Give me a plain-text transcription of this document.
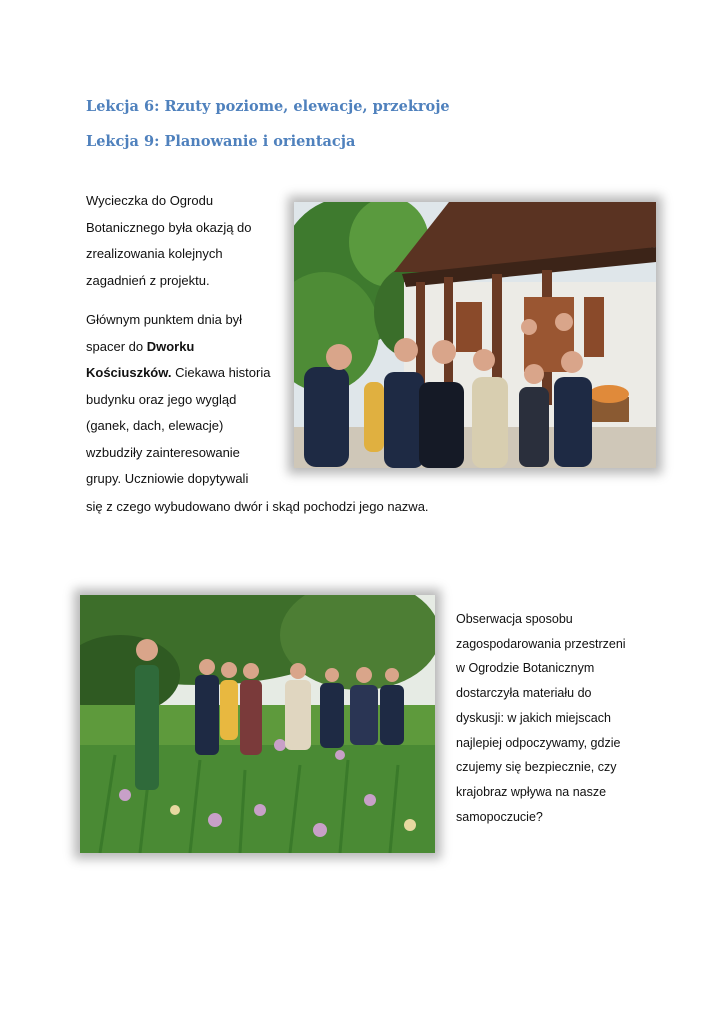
Lekcja 6: Rzuty poziome, elewacje, przekroje
Lekcja 9: Planowanie i orientacja
Wycieczka do Ogrodu
Botanicznego była okazją do
zrealizowania kolejnych
zagadnień z projektu.
Głównym punktem dnia był
spacer do Dworku
Kościuszków. Ciekawa historia
budynku oraz jego wygląd
(ganek, dach, elewacje)
wzbudziły zainteresowanie
grupy. Uczniowie dopytywali
się z czego wybudowano dwór i skąd pochodzi jego nazwa.
Obserwacja sposobu
zagospodarowania przestrzeni
w Ogrodzie Botanicznym
dostarczyła materiału do
dyskusji: w jakich miejscach
najlepiej odpoczywamy, gdzie
czujemy się bezpiecznie, czy
krajobraz wpływa na nasze
samopoczucie?
